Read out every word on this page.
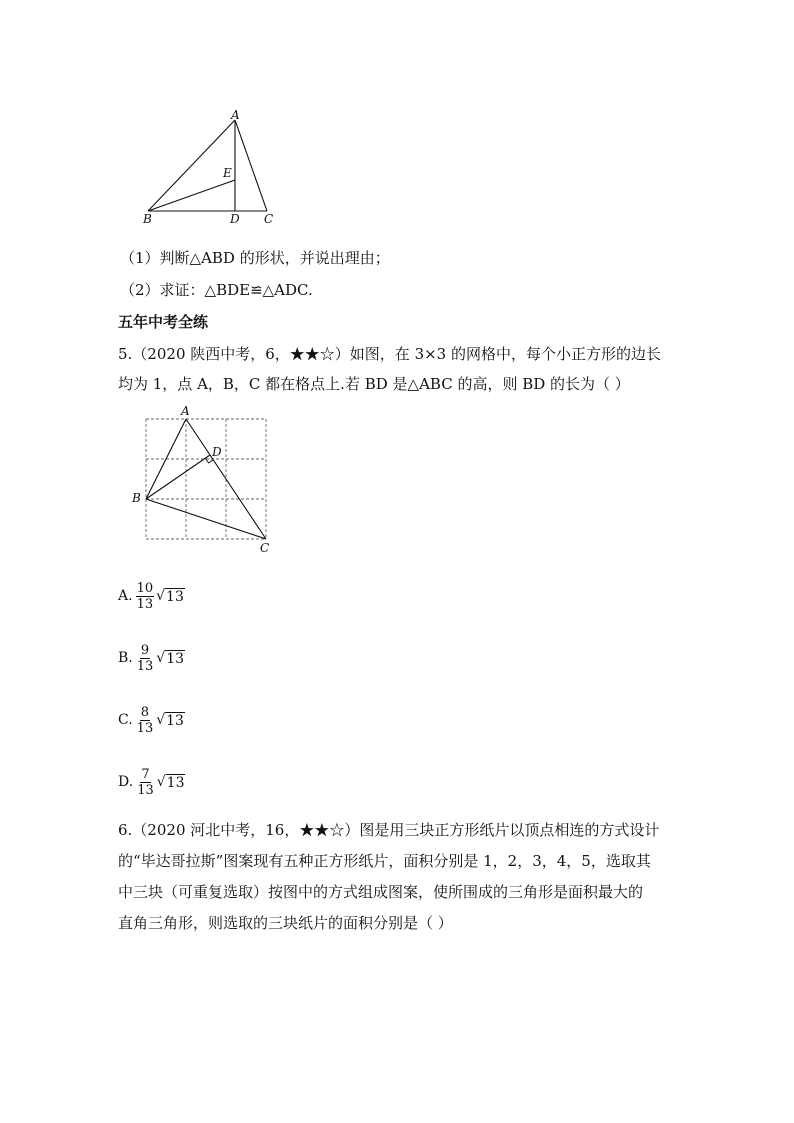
A
E
B	D C
（1）判断△ABD 的形状，并说出理由；
（2）求证：△BDE≌△ADC.
五年中考全练
5.（2020 陕西中考，6，★★☆）如图，在 3×3 的网格中，每个小正方形的边长
均为 1，点 A，B，C 都在格点上.若 BD 是△ABC 的高，则 BD 的长为（ ）
A
B
C
D
A. $\frac{10}{13}$ √ 13
B. $\frac{9}{13}$ √ 13
C. $\frac{8}{13}$ √ 13
D. $\frac{7}{13}$ √ 13
6.（2020 河北中考，16，★★☆）图是用三块正方形纸片以顶点相连的方式设计
的“毕达哥拉斯”图案现有五种正方形纸片，面积分别是 1，2，3，4，5，选取其
中三块（可重复选取）按图中的方式组成图案，使所围成的三角形是面积最大的
直角三角形，则选取的三块纸片的面积分别是（ ）
